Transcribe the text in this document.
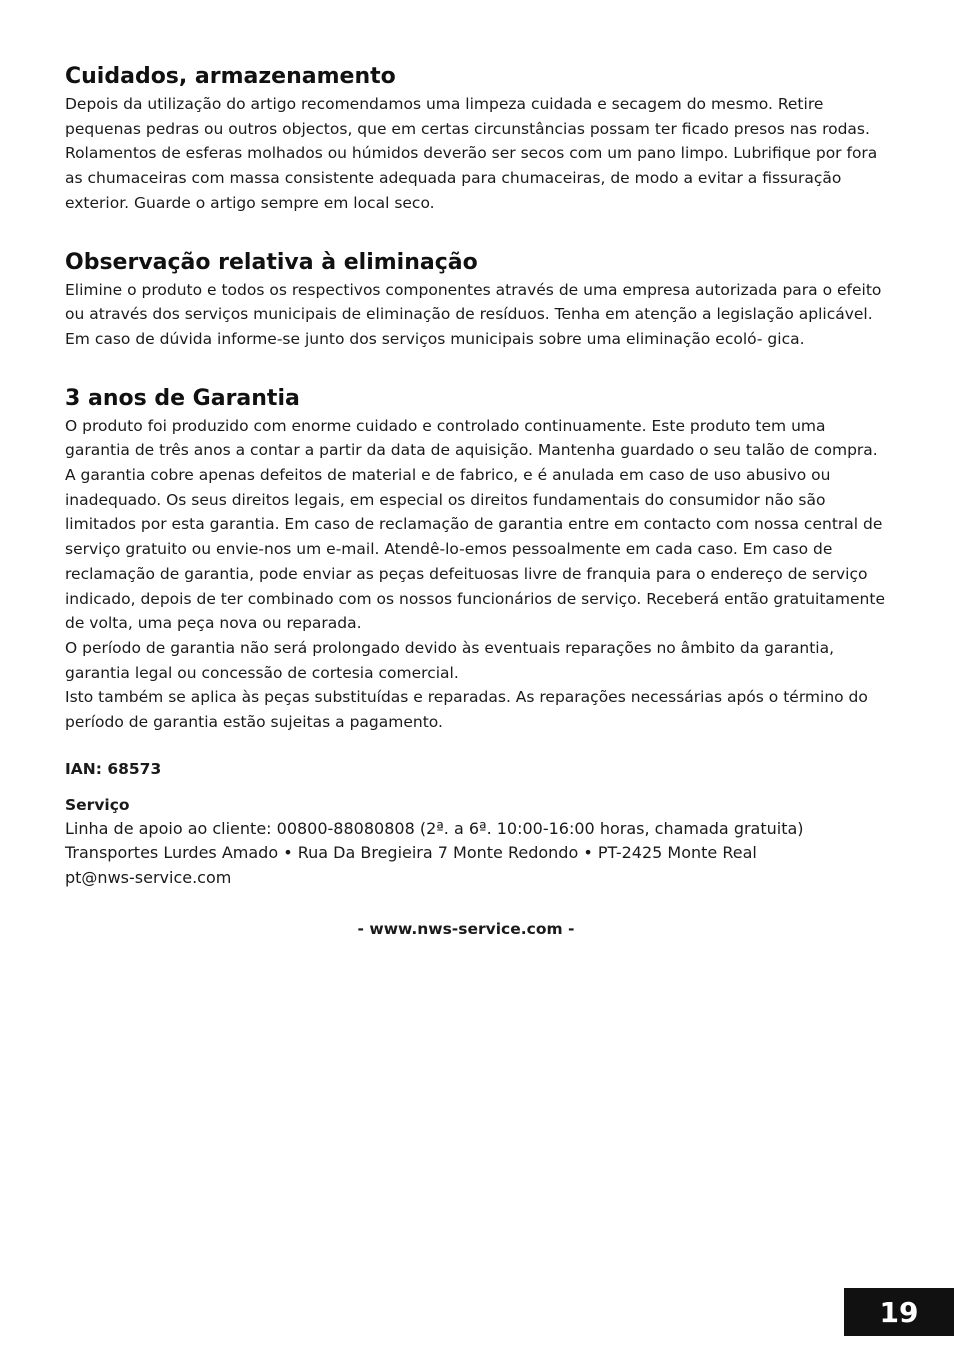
Cuidados, armazenamento

Depois da utilização do artigo recomendamos uma limpeza cuidada e secagem do mesmo. Retire pequenas pedras ou outros objectos, que em certas circunstâncias possam ter ficado presos nas rodas. Rolamentos de esferas molhados ou húmidos deverão ser secos com um pano limpo. Lubrifique por fora as chumaceiras com massa consistente adequada para chumaceiras, de modo a evitar a fissuração exterior. Guarde o artigo sempre em local seco.

Observação relativa à eliminação

Elimine o produto e todos os respectivos componentes através de uma empresa autorizada para o efeito ou através dos serviços municipais de eliminação de resíduos. Tenha em atenção a legislação aplicável. Em caso de dúvida informe-se junto dos serviços municipais sobre uma eliminação ecoló- gica.

3 anos de Garantia

O produto foi produzido com enorme cuidado e controlado continuamente. Este produto tem uma garantia de três anos a contar a partir da data de aquisição. Mantenha guardado o seu talão de compra.

A garantia cobre apenas defeitos de material e de fabrico, e é anulada em caso de uso abusivo ou inadequado. Os seus direitos legais, em especial os direitos fundamentais do consumidor não são limitados por esta garantia. Em caso de reclamação de garantia entre em contacto com nossa central de serviço gratuito ou envie-nos um e-mail. Atendê-lo-emos pessoalmente em cada caso. Em caso de reclamação de garantia, pode enviar as peças defeituosas livre de franquia para o endereço de serviço indicado, depois de ter combinado com os nossos funcionários de serviço. Receberá então gratuitamente de volta, uma peça nova ou reparada.

O período de garantia não será prolongado devido às eventuais reparações no âmbito da garantia, garantia legal ou concessão de cortesia comercial.

Isto também se aplica às peças substituídas e reparadas. As reparações necessárias após o término do período de garantia estão sujeitas a pagamento.

IAN: 68573
Serviço

Linha de apoio ao cliente: 00800-88080808 (2ª. a 6ª. 10:00-16:00 horas, chamada gratuita)

Transportes Lurdes Amado • Rua Da Bregieira 7 Monte Redondo • PT-2425 Monte Real

pt@nws-service.com

- www.nws-service.com -
19
